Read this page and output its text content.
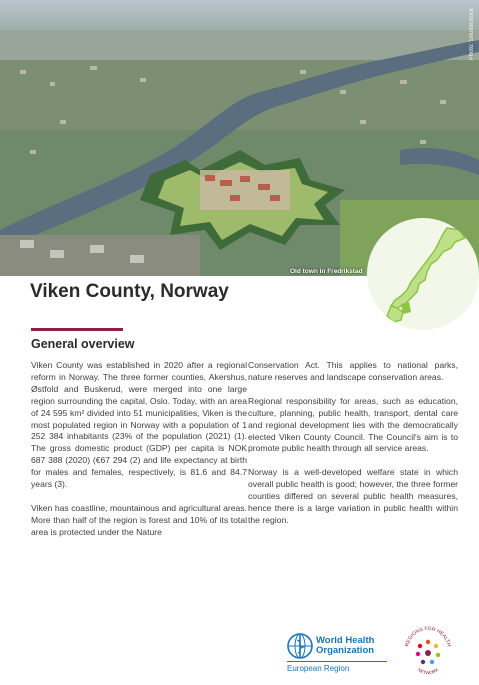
Photo: Shutterstock
Old town in Fredrikstad
Viken County, Norway
General overview

Viken County was established in 2020 after a regional reform in Norway. The three former counties, Akershus, Østfold and Buskerud, were merged into one large region surrounding the capital, Oslo. Today, with an area of 24 595 km² divided into 51 municipalities, Viken is the most populated region in Norway with a population of 1 252 384 inhabitants (23% of the population (2021) (1). The gross domestic product (GDP) per capita is NOK 687 388 (2020) (€67 294 (2) and life expectancy at birth for males and females, respectively, is 81.6 and 84.7 years (3).

Viken has coastline, mountainous and agricultural areas. More than half of the region is forest and 10% of its total area is protected under the Nature

Conservation Act. This applies to national parks, nature reserves and landscape conservation areas.

Regional responsibility for areas, such as education, culture, planning, public health, transport, dental care and regional development lies with the democratically elected Viken County Council. The Council's aim is to promote public health through all service areas.

Norway is a well-developed welfare state in which overall public health is good; however, the three former counties differed on several public health measures, hence there is a large variation in public health within the region.

World Health
Organization
European Region
REGIONS FOR HEALTH
NETWORK
